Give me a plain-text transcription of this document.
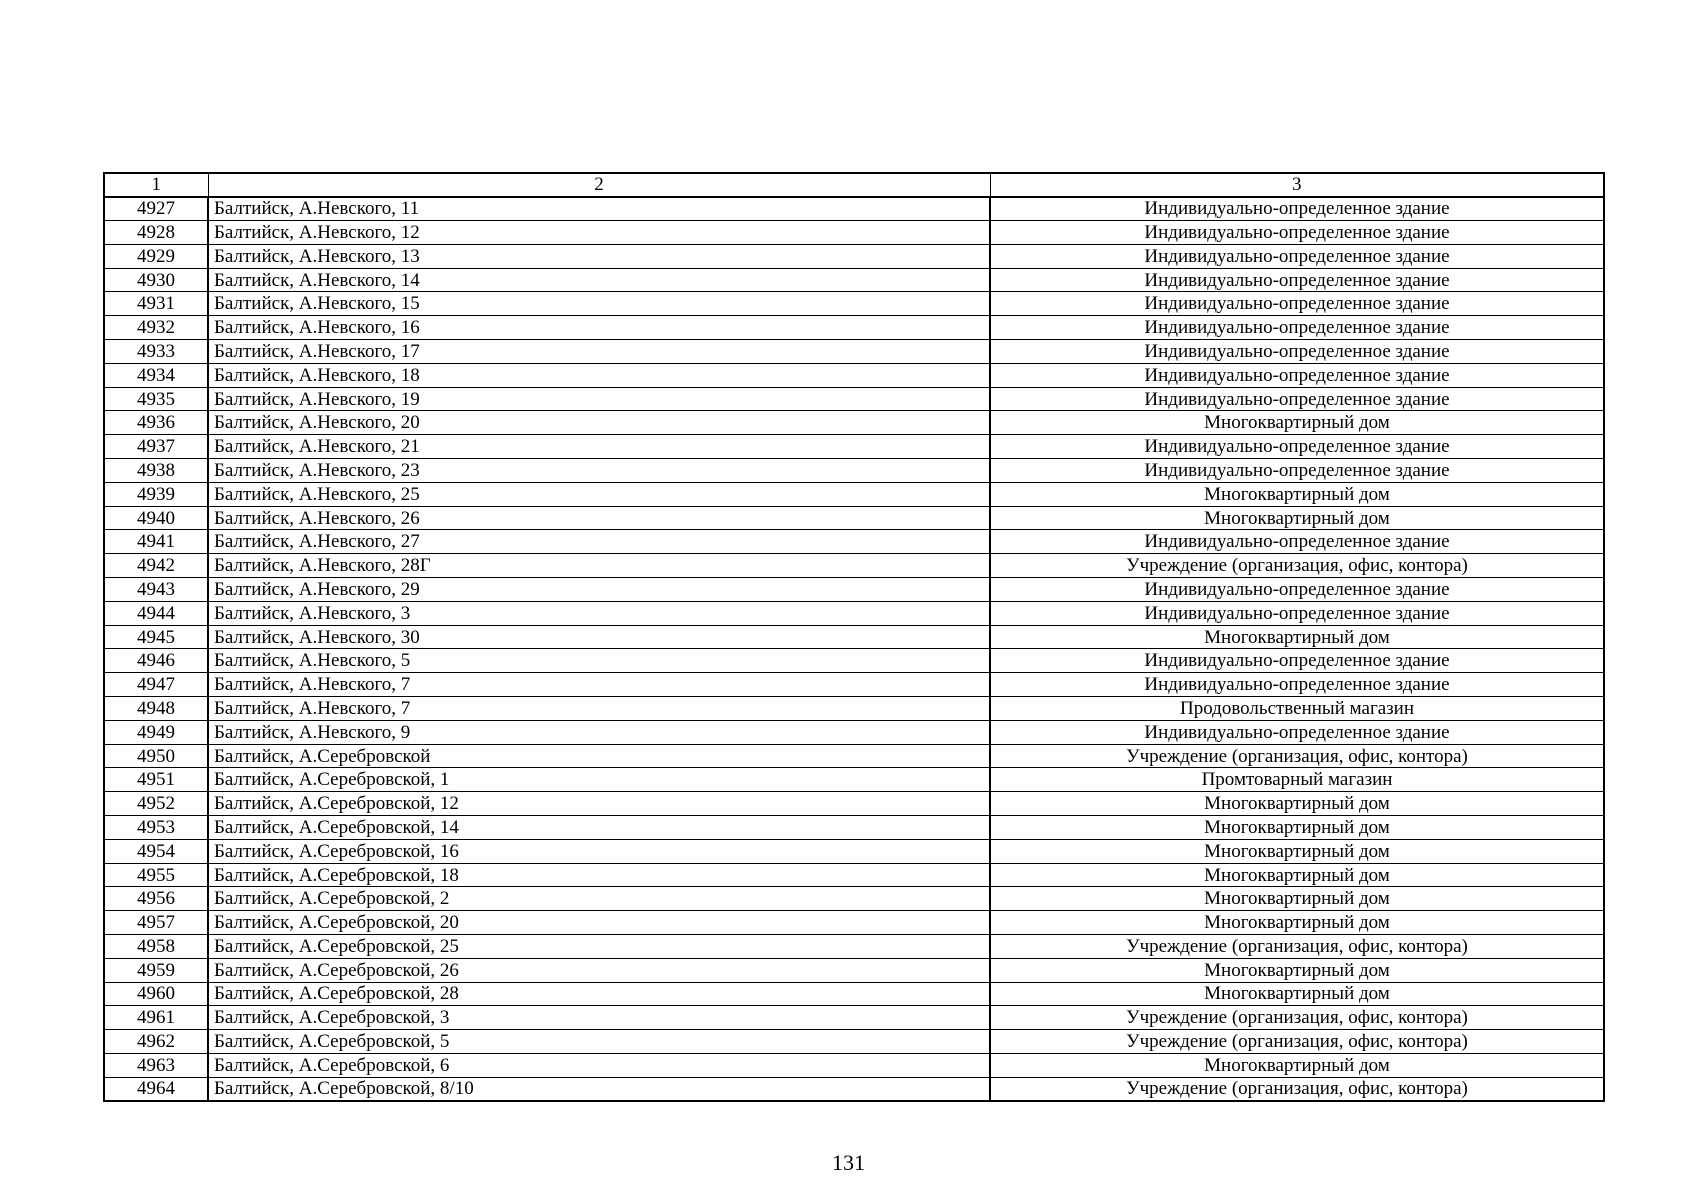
1	2	3
4927	Балтийск, А.Невского, 11	Индивидуально-определенное здание
4928	Балтийск, А.Невского, 12	Индивидуально-определенное здание
4929	Балтийск, А.Невского, 13	Индивидуально-определенное здание
4930	Балтийск, А.Невского, 14	Индивидуально-определенное здание
4931	Балтийск, А.Невского, 15	Индивидуально-определенное здание
4932	Балтийск, А.Невского, 16	Индивидуально-определенное здание
4933	Балтийск, А.Невского, 17	Индивидуально-определенное здание
4934	Балтийск, А.Невского, 18	Индивидуально-определенное здание
4935	Балтийск, А.Невского, 19	Индивидуально-определенное здание
4936	Балтийск, А.Невского, 20	Многоквартирный дом
4937	Балтийск, А.Невского, 21	Индивидуально-определенное здание
4938	Балтийск, А.Невского, 23	Индивидуально-определенное здание
4939	Балтийск, А.Невского, 25	Многоквартирный дом
4940	Балтийск, А.Невского, 26	Многоквартирный дом
4941	Балтийск, А.Невского, 27	Индивидуально-определенное здание
4942	Балтийск, А.Невского, 28Г	Учреждение (организация, офис, контора)
4943	Балтийск, А.Невского, 29	Индивидуально-определенное здание
4944	Балтийск, А.Невского, 3	Индивидуально-определенное здание
4945	Балтийск, А.Невского, 30	Многоквартирный дом
4946	Балтийск, А.Невского, 5	Индивидуально-определенное здание
4947	Балтийск, А.Невского, 7	Индивидуально-определенное здание
4948	Балтийск, А.Невского, 7	Продовольственный магазин
4949	Балтийск, А.Невского, 9	Индивидуально-определенное здание
4950	Балтийск, А.Серебровской	Учреждение (организация, офис, контора)
4951	Балтийск, А.Серебровской, 1	Промтоварный магазин
4952	Балтийск, А.Серебровской, 12	Многоквартирный дом
4953	Балтийск, А.Серебровской, 14	Многоквартирный дом
4954	Балтийск, А.Серебровской, 16	Многоквартирный дом
4955	Балтийск, А.Серебровской, 18	Многоквартирный дом
4956	Балтийск, А.Серебровской, 2	Многоквартирный дом
4957	Балтийск, А.Серебровской, 20	Многоквартирный дом
4958	Балтийск, А.Серебровской, 25	Учреждение (организация, офис, контора)
4959	Балтийск, А.Серебровской, 26	Многоквартирный дом
4960	Балтийск, А.Серебровской, 28	Многоквартирный дом
4961	Балтийск, А.Серебровской, 3	Учреждение (организация, офис, контора)
4962	Балтийск, А.Серебровской, 5	Учреждение (организация, офис, контора)
4963	Балтийск, А.Серебровской, 6	Многоквартирный дом
4964	Балтийск, А.Серебровской, 8/10	Учреждение (организация, офис, контора)
131
